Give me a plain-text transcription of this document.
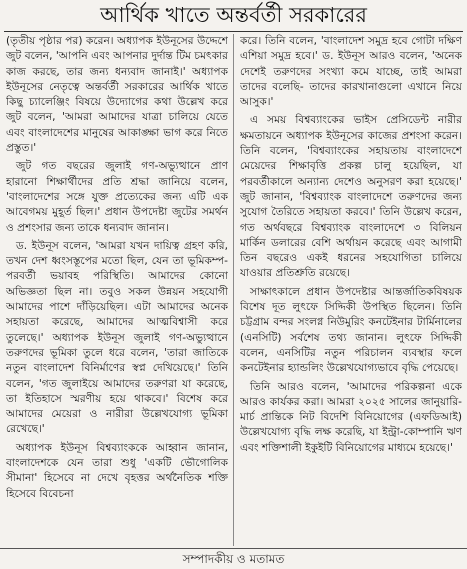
আর্থিক খাতে অন্তর্বর্তী সরকারের

(তৃতীয় পৃষ্ঠার পর) করেন। অধ্যাপক ইউনূসের উদ্দেশে জুট বলেন, 'আপনি এবং আপনার দুর্দান্ত টিম চমৎকার কাজ করছে, তার জন্য ধন্যবাদ জানাই।' অধ্যাপক ইউনূসের নেতৃত্বে অন্তর্বর্তী সরকারের আর্থিক খাতে কিছু চ্যালেঞ্জিং বিষয়ে উদ্যোগের কথা উল্লেখ করে জুট বলেন, 'আমরা আমাদের যাত্রা চালিয়ে যেতে এবং বাংলাদেশের মানুষের আকাঙ্ক্ষা ভাগ করে নিতে প্রস্তুত।'

জুট গত বছরের জুলাই গণ-অভ্যুত্থানে প্রাণ হারানো শিক্ষার্থীদের প্রতি শ্রদ্ধা জানিয়ে বলেন, 'বাংলাদেশের সঙ্গে যুক্ত প্রত্যেকের জন্য এটি এক আবেগময় মুহূর্ত ছিল।' প্রধান উপদেষ্টা জুটের সমর্থন ও প্রশংসার জন্য তাকে ধন্যবাদ জানান।

ড. ইউনূস বলেন, 'আমরা যখন দায়িত্ব গ্রহণ করি, তখন দেশ ধ্বংসস্তূপের মতো ছিল, যেন তা ভূমিকম্প-পরবর্তী ভয়াবহ পরিস্থিতি। আমাদের কোনো অভিজ্ঞতা ছিল না। তবুও সকল উন্নয়ন সহযোগী আমাদের পাশে দাঁড়িয়েছিল। এটা আমাদের অনেক সহায়তা করেছে, আমাদের আত্মবিশ্বাসী করে তুলেছে।' অধ্যাপক ইউনূস জুলাই গণ-অভ্যুত্থানে তরুণদের ভূমিকা তুলে ধরে বলেন, 'তারা জাতিকে নতুন বাংলাদেশ বিনির্মাণের স্বপ্ন দেখিয়েছে।' তিনি বলেন, 'গত জুলাইয়ে আমাদের তরুণরা যা করেছে, তা ইতিহাসে স্মরণীয় হয়ে থাকবে।' বিশেষ করে আমাদের মেয়েরা ও নারীরা উল্লেখযোগ্য ভূমিকা রেখেছে।'

অধ্যাপক ইউনূস বিশ্বব্যাংককে আহ্বান জানান, বাংলাদেশকে যেন তারা শুধু 'একটি ভৌগোলিক সীমানা' হিসেবে না দেখে বৃহত্তর অর্থনৈতিক শক্তি হিসেবে বিবেচনা

করে। তিনি বলেন, 'বাংলাদেশ সমুদ্র হবে গোটা দক্ষিণ এশিয়া সমুদ্র হবে।' ড. ইউনূস আরও বলেন, 'অনেক দেশেই তরুণদের সংখ্যা কমে যাচ্ছে, তাই আমরা তাদের বলেছি- তাদের কারখানাগুলো এখানে নিয়ে আসুক।'

এ সময় বিশ্বব্যাংকের ভাইস প্রেসিডেন্ট নারীর ক্ষমতায়নে অধ্যাপক ইউনূসের কাজের প্রশংসা করেন। তিনি বলেন, 'বিশ্বব্যাংকের সহায়তায় বাংলাদেশে মেয়েদের শিক্ষাবৃত্তি প্রকল্প চালু হয়েছিল, যা পরবর্তীকালে অন্যান্য দেশেও অনুসরণ করা হয়েছে।' জুট জানান, 'বিশ্বব্যাংক বাংলাদেশে তরুণদের জন্য সুযোগ তৈরিতে সহায়তা করবে।' তিনি উল্লেখ করেন, গত অর্থবছরে বিশ্বব্যাংক বাংলাদেশে ৩ বিলিয়ন মার্কিন ডলারের বেশি অর্থায়ন করেছে এবং আগামী তিন বছরেও একই ধরনের সহযোগিতা চালিয়ে যাওয়ার প্রতিশ্রুতি রয়েছে।

সাক্ষাৎকালে প্রধান উপদেষ্টার আন্তর্জাতিকবিষয়ক বিশেষ দূত লুৎফে সিদ্দিকী উপস্থিত ছিলেন। তিনি চট্টগ্রাম বন্দর সংলগ্ন নিউমুরিং কনটেইনার টার্মিনালের (এনসিটি) সর্বশেষ তথ্য জানান। লুৎফে সিদ্দিকী বলেন, এনসিটির নতুন পরিচালন ব্যবস্থার ফলে কনটেইনার হ্যান্ডলিং উল্লেখযোগ্যভাবে বৃদ্ধি পেয়েছে।

তিনি আরও বলেন, 'আমাদের পরিকল্পনা একে আরও কার্যকর করা। আমরা ২০২৫ সালের জানুয়ারি-মার্চ প্রান্তিকে নিট বিদেশি বিনিয়োগের (এফডিআই) উল্লেখযোগ্য বৃদ্ধি লক্ষ করেছি, যা ইন্ট্রা-কোম্পানি ঋণ এবং শক্তিশালী ইকুইটি বিনিয়োগের মাধ্যমে হয়েছে।'

সম্পাদকীয় ও মতামত
